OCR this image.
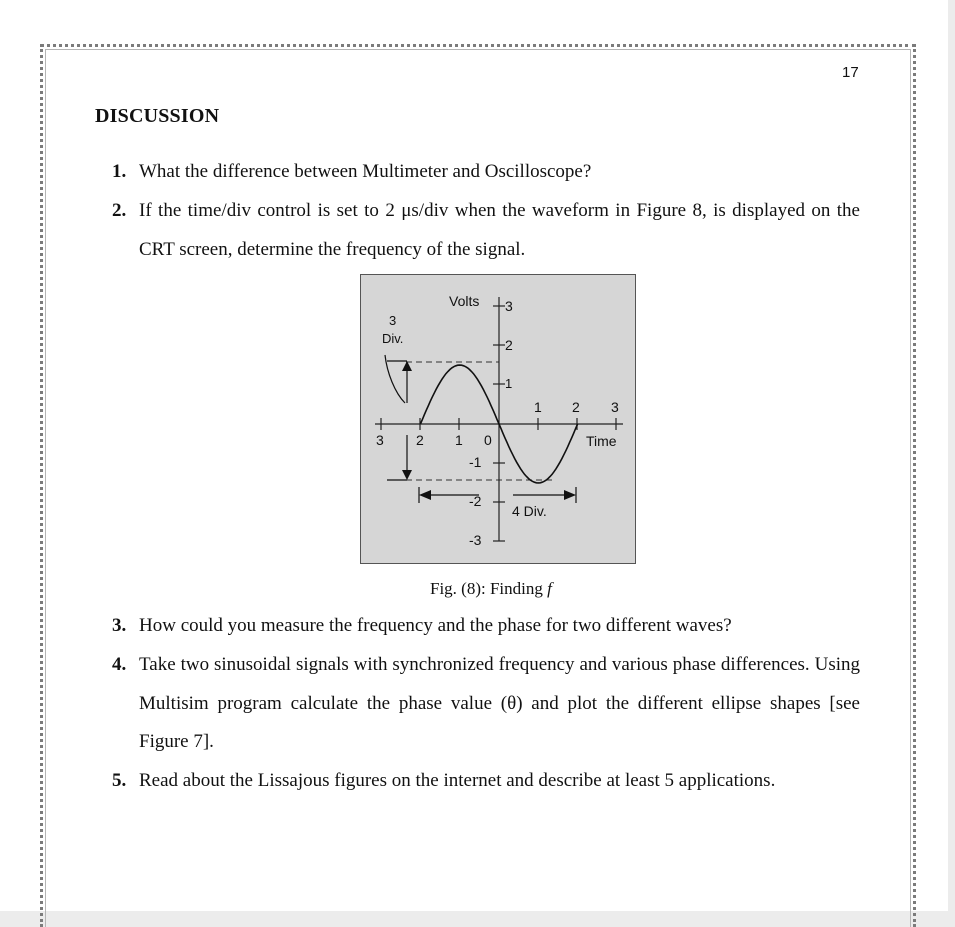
17
DISCUSSION
1. What the difference between Multimeter and Oscilloscope?
2. If the time/div control is set to 2 μs/div when the waveform in Figure 8, is displayed on the CRT screen, determine the frequency of the signal.
Volts 3
2
1
-1
-2
-3
3
Div.
3 2 1 0
1 2 3
Time
4 Div.
Fig. (8): Finding f
3. How could you measure the frequency and the phase for two different waves?
4. Take two sinusoidal signals with synchronized frequency and various phase differences. Using Multisim program calculate the phase value (θ) and plot the different ellipse shapes [see Figure 7].
5. Read about the Lissajous figures on the internet and describe at least 5 applications.
